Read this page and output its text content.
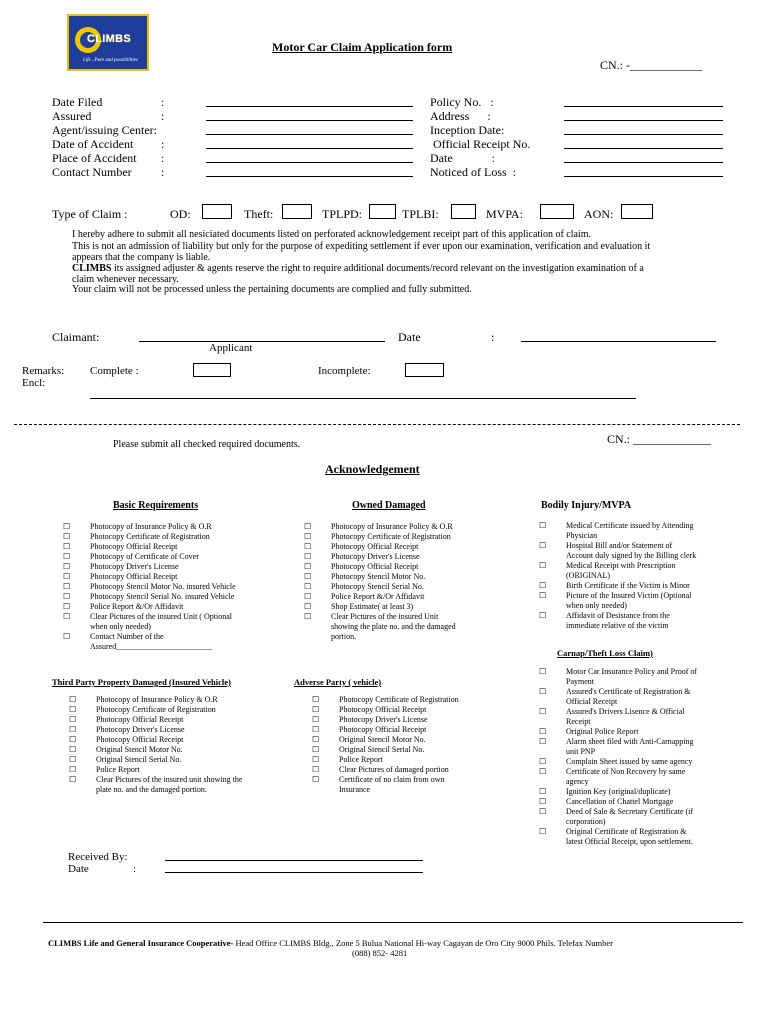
CLIMBS
Life...Pure and possibilities
Motor Car Claim Application form
CN.: -____________
Date Filed	:
Assured	:
Agent/issuing Center:
Date of Accident :
Place of Accident :
Contact Number :
Policy No.   :
Address      :
Inception Date:
Official Receipt No.
Date             :
Noticed of Loss  :
Type of Claim :	OD:	Theft:	TPLPD:	TPLBI:	MVPA:	AON:
I hereby adhere to submit all nesiciated documents listed on perforated acknowledgement receipt part of this application of claim.
This is not an admission of liability but only for the purpose of expediting settlement if ever upon our examination, verification and evaluation it
appears that the company is liable.
CLIMBS its assigned adjuster & agents reserve the right to require additional documents/record relevant on the investigation examination of a
claim whenever necessary.
Your claim will not be processed unless the pertaining documents are complied and fully submitted.
Claimant:
Applicant
Date	:
Remarks:
Encl:
Complete :	Incomplete:
Please submit all checked required documents.	CN.: _____________
Acknowledgement
Basic Requirements	Owned Damaged	Bodily Injury/MVPA
Third Party Property Damaged (Insured Vehicle)	Adverse Party ( vehicle)
Carnap/Theft Loss Claim)
☐ Photocopy of Insurance Policy & O.R
☐ Photocopy Certificate of Registration
☐ Photocopy Official Receipt
☐ Photocopy of Certificate of Cover
☐ Photocopy Driver's License
☐ Photocopy Official Receipt
☐ Photocopy Stencil Motor No. insured Vehicle
☐ Photocopy Stencil Serial No. insured Vehicle
☐ Police Report &/Or Affidavit
☐ Clear Pictures of the insured Unit ( Optional
when only needed)
☐ Contact Number of the
Assured________________________
☐ Photocopy of Insurance Policy & O.R
☐ Photocopy Certificate of Registration
☐ Photocopy Official Receipt
☐ Photocopy Driver's License
☐ Photocopy Official Receipt
☐ Photocopy Stencil Motor No.
☐ Photocopy Stencil Serial No.
☐ Police Report &/Or Affidavit
☐ Shop Estimate( at least 3)
☐ Clear Pictures of the insured Unit
showing the plate no. and the damaged
portion.
☐ Medical Certificate issued by Attending
Physician
☐ Hospital Bill and/or Statement of
Account duly signed by the Billing clerk
☐ Medical Receipt with Prescription
(ORIGINAL)
☐ Birth Certificate if the Victim is Minor
☐ Picture of the Insured Victim (Optional
when only needed)
☐ Affidavit of Desistance from the
immediate relative of the victim
☐ Photocopy of Insurance Policy & O.R
☐ Photocopy Certificate of Registration
☐ Photocopy Official Receipt
☐ Photocopy Driver's License
☐ Photocopy Official Receipt
☐ Original Stencil Motor No.
☐ Original Stencil Serial No.
☐ Police Report
☐ Clear Pictures of the insured unit showing the
plate no. and the damaged portion.
☐ Photocopy Certificate of Registration
☐ Photocopy Official Receipt
☐ Photocopy Driver's License
☐ Photocopy Official Receipt
☐ Original Stencil Motor No.
☐ Original Stencil Serial No.
☐ Police Report
☐ Clear Pictures of damaged portion
☐ Certificate of no claim from own
Insurance
☐ Motor Car Insurance Policy and Proof of
Payment
☐ Assured's Certificate of Registration &
Official Receipt
☐ Assured's Drivers Lisence & Official
Receipt
☐ Original Police Report
☐ Alarm sheet filed with Anti-Carnapping
unit PNP
☐ Complain Sheet issued by same agency
☐ Certificate of Non Recovery by same
agency
☐ Ignition Key (original/duplicate)
☐ Cancellation of Chattel Mortgage
☐ Deed of Sale & Secretary Certificate (if
corporation)
☐ Original Certificate of Registration &
latest Official Receipt, upon settlement.
Received By:
Date	:
CLIMBS Life and General Insurance Cooperative- Head Office CLIMBS Bldg., Zone 5 Bulua National Hi-way Cagayan de Oro City 9000 Phils. Telefax Number
(088) 852- 4281
